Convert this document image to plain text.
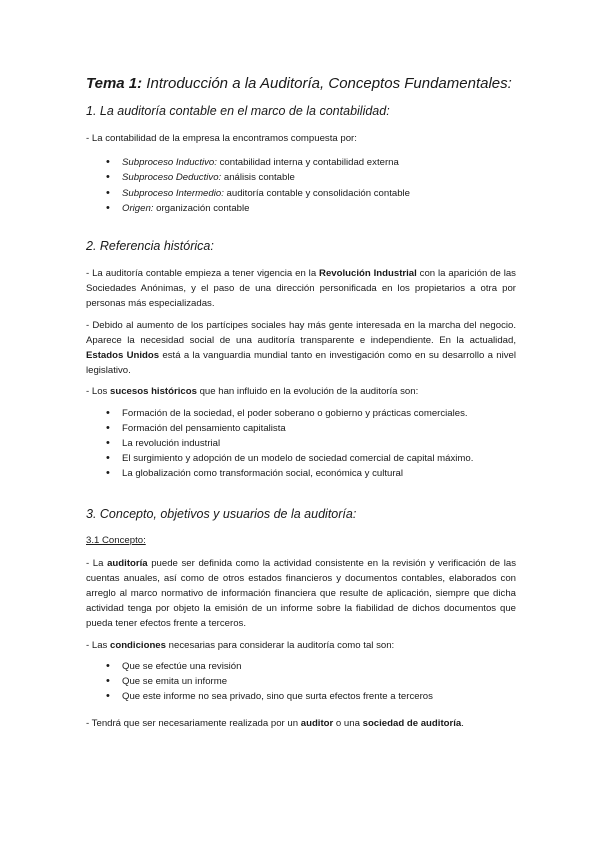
Tema 1: Introducción a la Auditoría, Conceptos Fundamentales:
1. La auditoría contable en el marco de la contabilidad:
- La contabilidad de la empresa la encontramos compuesta por:
• Subproceso Inductivo: contabilidad interna y contabilidad externa
• Subproceso Deductivo: análisis contable
• Subproceso Intermedio: auditoría contable y consolidación contable
• Origen: organización contable
2. Referencia histórica:
- La auditoría contable empieza a tener vigencia en la Revolución Industrial con la aparición de las Sociedades Anónimas, y el paso de una dirección personificada en los propietarios a otra por personas más especializadas.
- Debido al aumento de los partícipes sociales hay más gente interesada en la marcha del negocio. Aparece la necesidad social de una auditoría transparente e independiente. En la actualidad, Estados Unidos está a la vanguardia mundial tanto en investigación como en su desarrollo a nivel legislativo.
- Los sucesos históricos que han influido en la evolución de la auditoría son:
• Formación de la sociedad, el poder soberano o gobierno y prácticas comerciales.
• Formación del pensamiento capitalista
• La revolución industrial
• El surgimiento y adopción de un modelo de sociedad comercial de capital máximo.
• La globalización como transformación social, económica y cultural
3. Concepto, objetivos y usuarios de la auditoría:
3.1 Concepto:
- La auditoría puede ser definida como la actividad consistente en la revisión y verificación de las cuentas anuales, así como de otros estados financieros y documentos contables, elaborados con arreglo al marco normativo de información financiera que resulte de aplicación, siempre que dicha actividad tenga por objeto la emisión de un informe sobre la fiabilidad de dichos documentos que pueda tener efectos frente a terceros.
- Las condiciones necesarias para considerar la auditoría como tal son:
• Que se efectúe una revisión
• Que se emita un informe
• Que este informe no sea privado, sino que surta efectos frente a terceros
- Tendrá que ser necesariamente realizada por un auditor o una sociedad de auditoría.
